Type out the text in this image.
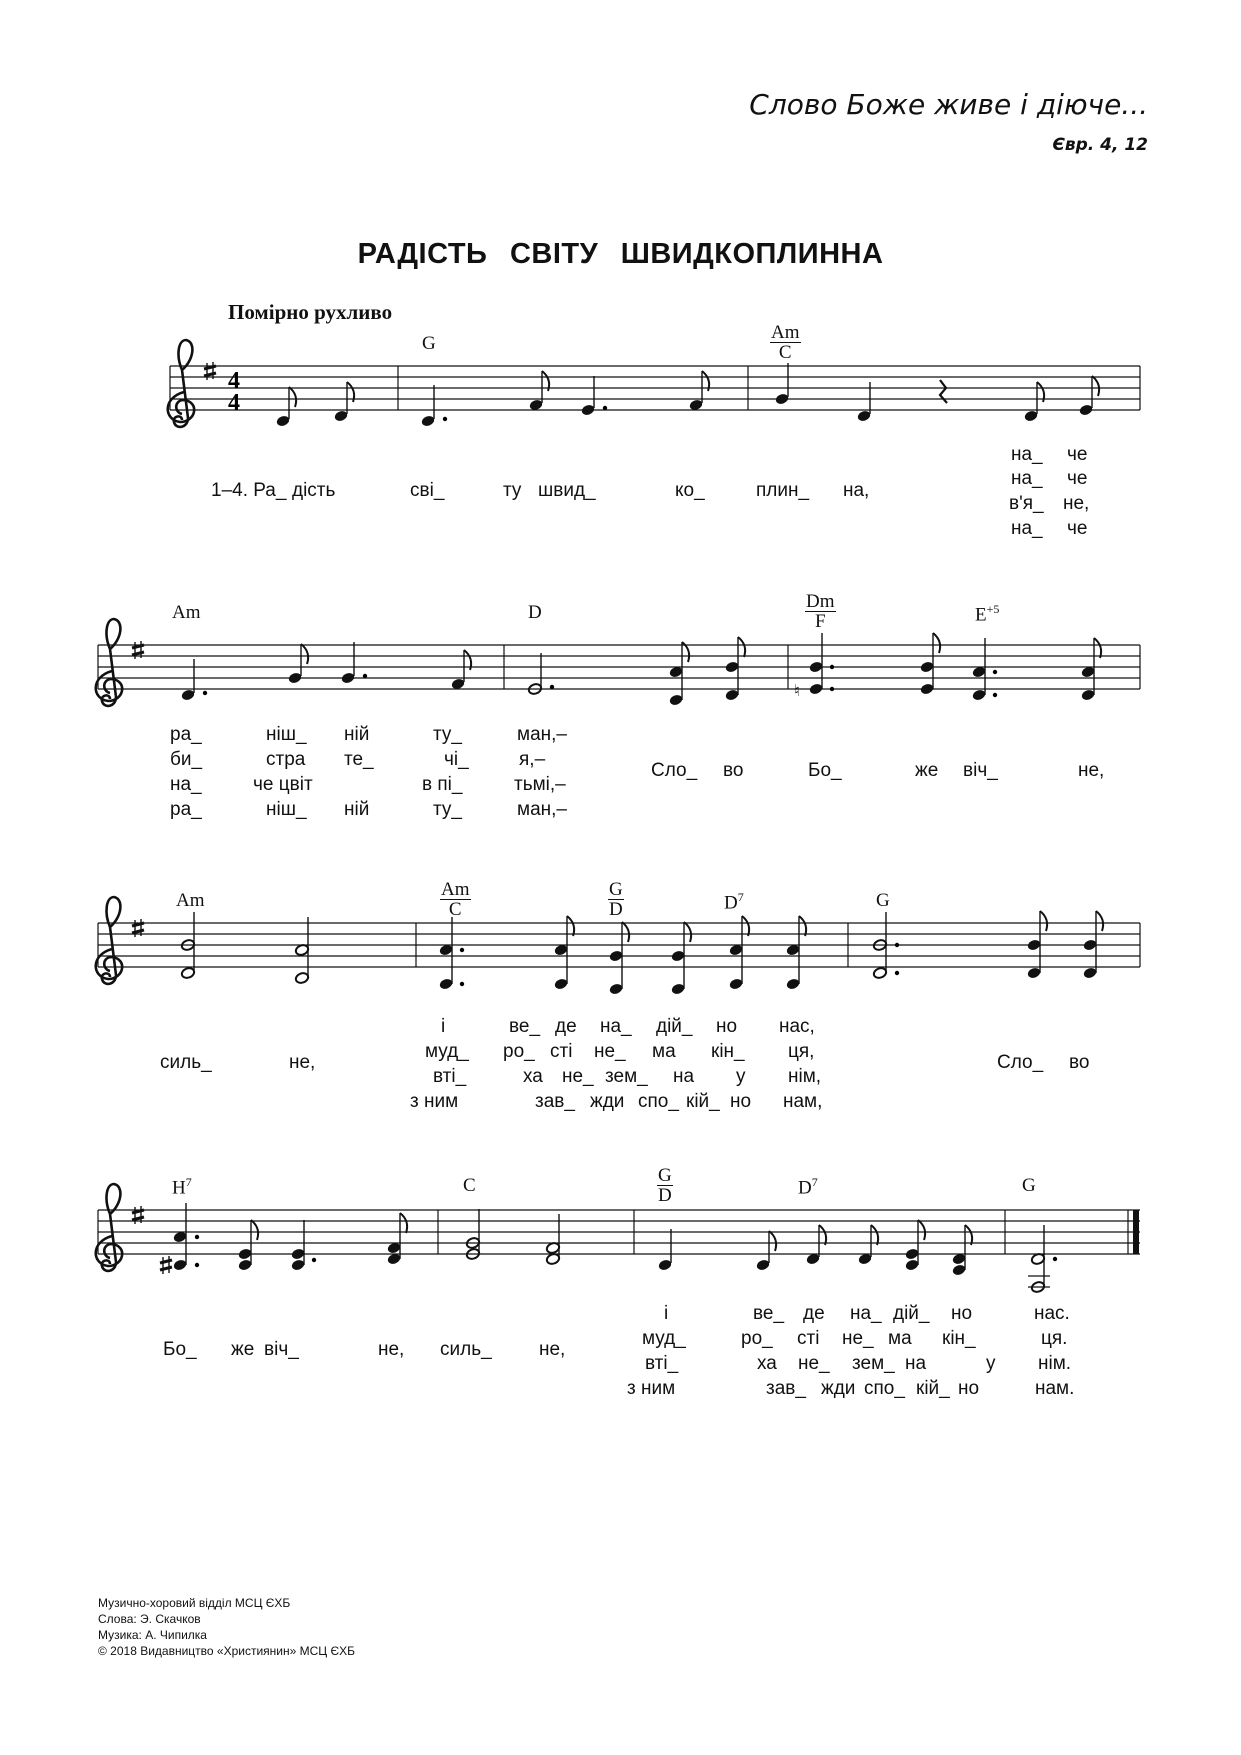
Слово Боже живе і діюче...
Євр. 4, 12
РАДІСТЬ СВІТУ ШВИДКОПЛИННА
Помірно рухливо
4
4
♮
G	$\frac{Am}{C}$
Am	D	$\frac{Dm}{F}$	$E^{+5}$
Am	$\frac{Am}{C}$	$\frac{G}{D}$	$D^7$	G
$H^7$	C	$\frac{G}{D}$	$D^7$	G
1–4. Ра_ дість	сві_	ту швид_	ко_	плин_ на,
на_ че
на_ че
в'я_ не,
на_ че
ра_	ніш_ ній	ту_	ман,–
би_	стра те_	чі_	я,–
на_	че цвіт	в пі_	тьмі,–
ра_	ніш_ ній	ту_	ман,–
Сло_ во	Бо_	же віч_	не,
силь_	не,
і	ве_ де на_ дій_ но нас,
муд_ ро_ сті не_ ма кін_ ця,
вті_	ха не_ зем_ на у нім,
з ним	зав_ жди спо_ кій_ но нам,
Сло_ во
Бо_ же віч_	не, силь_ не,
і	ве_ де на_ дій_ но	нас.
муд_	ро_ сті не_ ма кін_	ця.
вті_	ха не_ зем_ на	у нім.
з ним	зав_ жди спо_ кій_ но	нам.
Музично-хоровий відділ МСЦ ЄХБ
Слова: Э. Скачков
Музика: А. Чипилка
© 2018 Видавництво «Християнин» МСЦ ЄХБ
